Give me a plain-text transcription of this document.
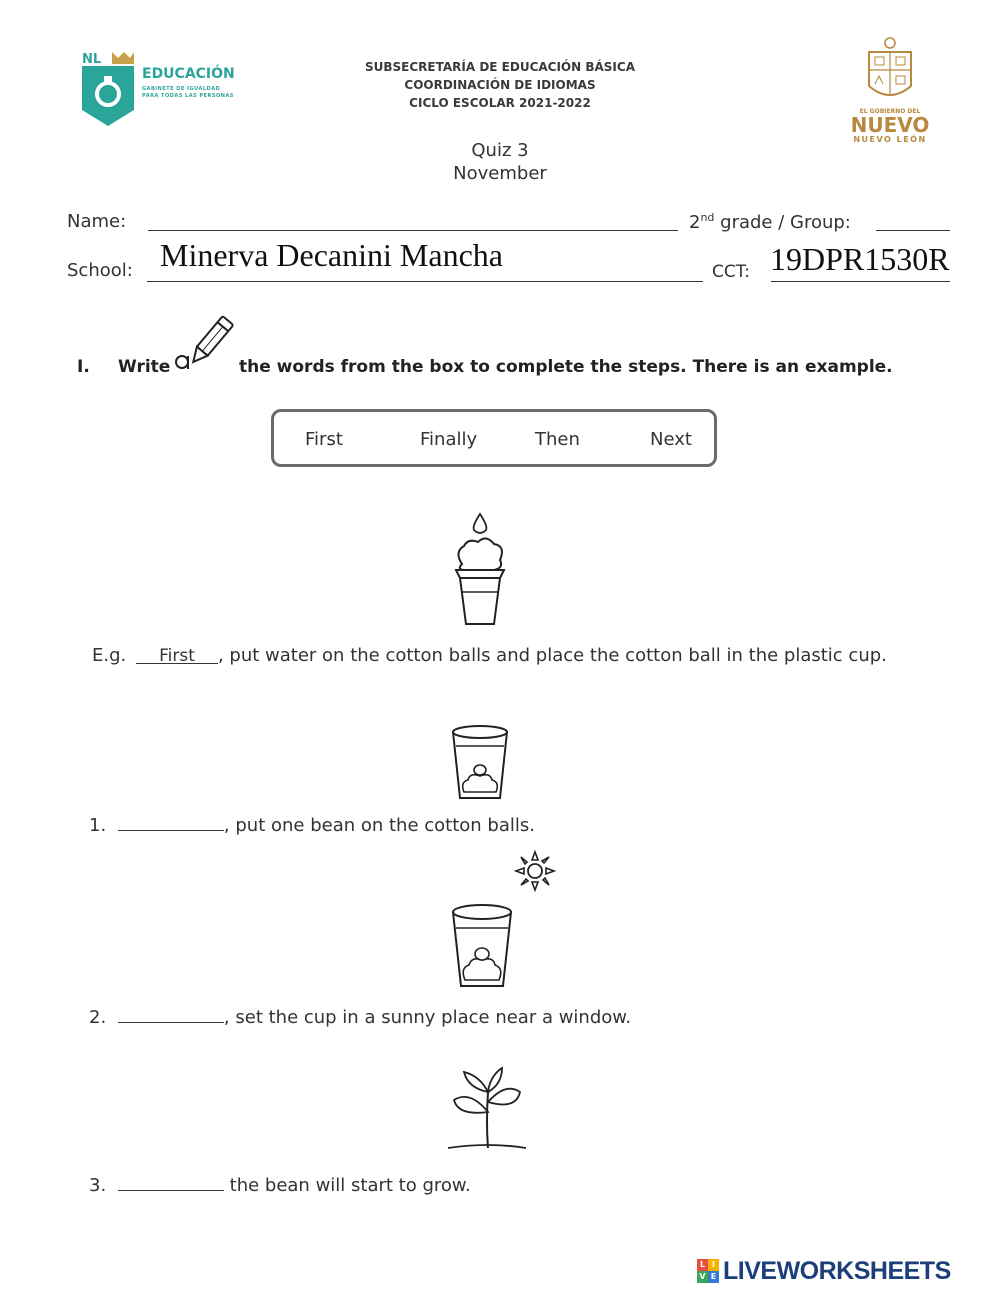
NL
EDUCACIÓN
GABINETE DE IGUALDAD
PARA TODAS LAS PERSONAS
SUBSECRETARÍA DE EDUCACIÓN BÁSICA
COORDINACIÓN DE IDIOMAS
CICLO ESCOLAR 2021-2022
EL GOBIERNO DEL
NUEVO
NUEVO LEÓN
Quiz 3
November
Name:	2nd grade / Group:
School: Minerva Decanini Mancha	CCT: 19DPR1530R
I. Write	the words from the box to complete the steps. There is an example.
First	Finally	Then	Next
E.g. First , put water on the cotton balls and place the cotton ball in the plastic cup.
1.	, put one bean on the cotton balls.
2.	, set the cup in a sunny place near a window.
3.	the bean will start to grow.
L I
V E LIVEWORKSHEETS
